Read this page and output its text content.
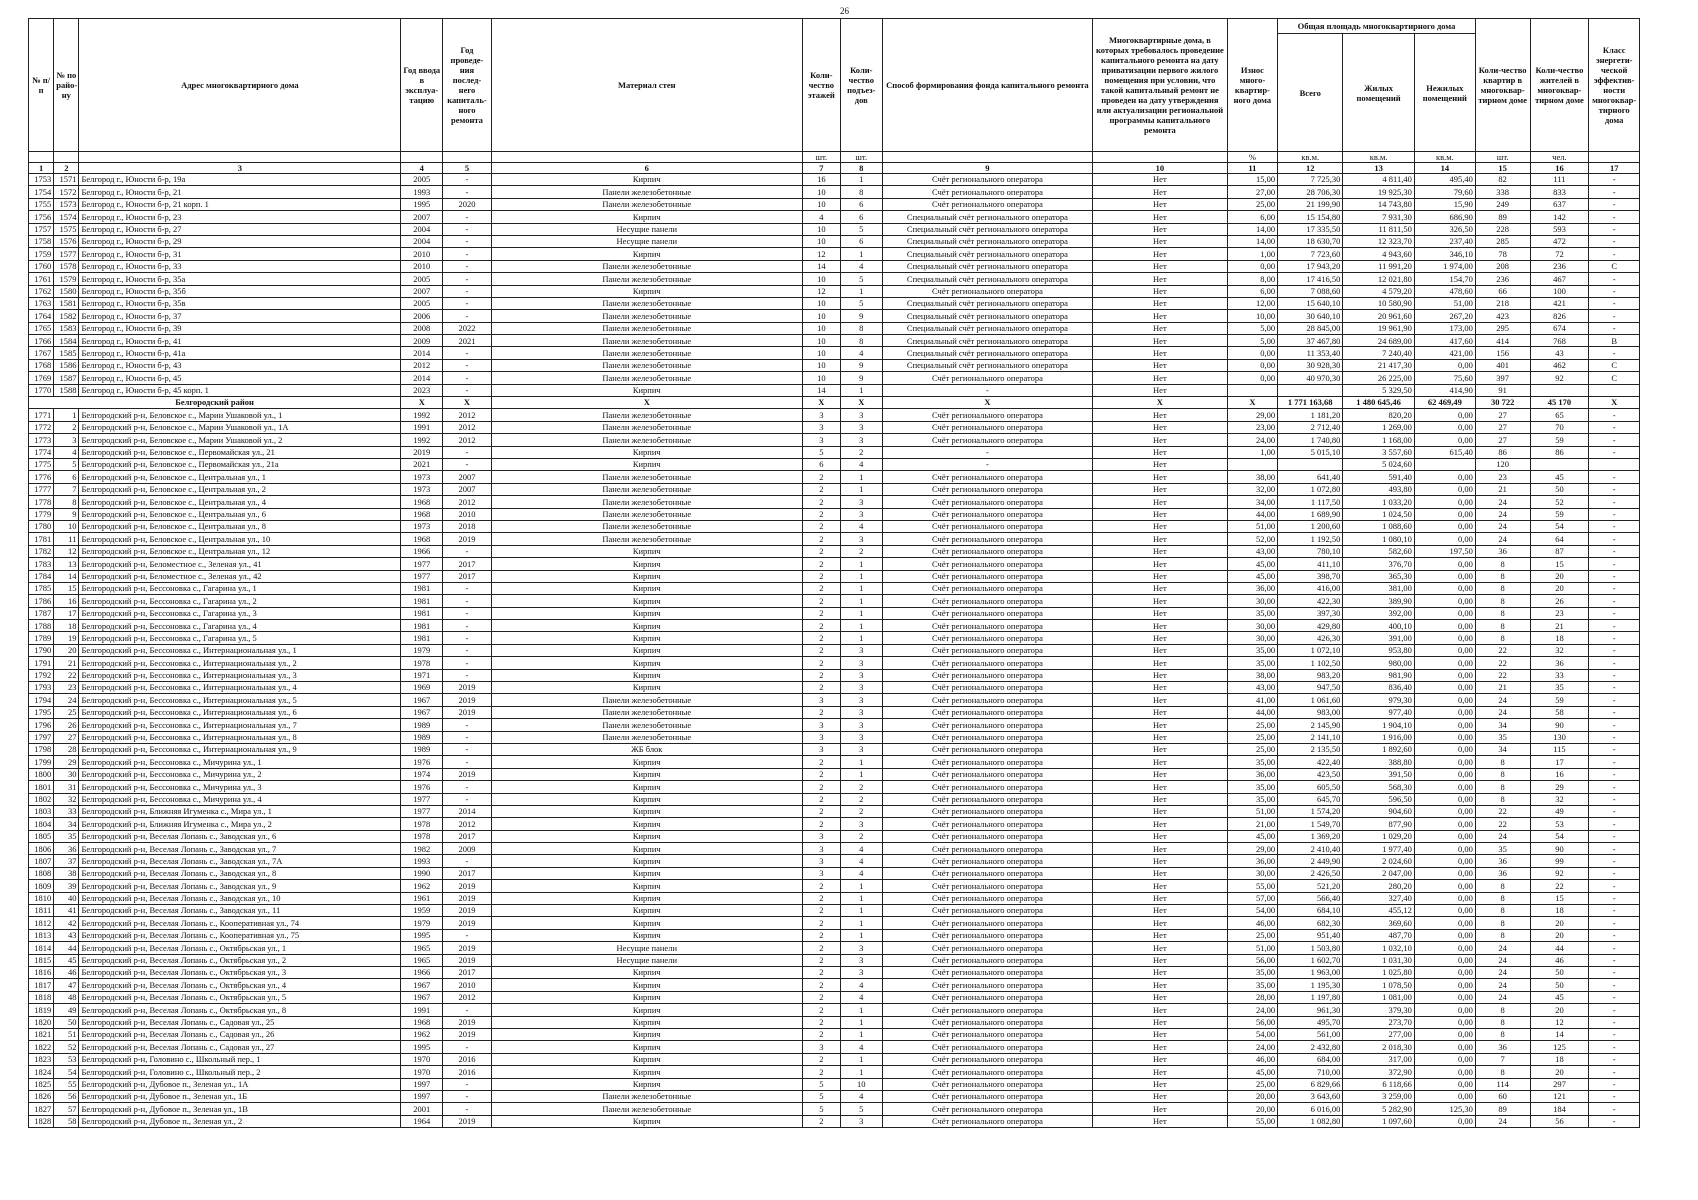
26
№ п/п	№ по райо-ну	Адрес многоквартирного дома	Год ввода в эксплуа-тацию	Год проведе-ния послед-него капиталь-ного ремонта	Материал стен	Коли-чество этажей	Коли-чество подъез-дов	Способ формирования фонда капитального ремонта	Многоквартирные дома, в которых требовалось проведение капитального ремонта на дату приватизации первого жилого помещения при условии, что такой капитальный ремонт не проведен на дату утверждения или актуализации региональной программы капитального ремонта	Износ много-квартир-ного дома	Общая площадь многоквартирного дома			Коли-чество квартир в многоквар-тирном доме	Коли-чество жителей в многоквар-тирном доме	Класс энергети-ческой эффектив-ности многоквар-тирного дома
											Всего	Жилых помещений	Нежилых помещений			
						шт.	шт.			%	кв.м.	кв.м.	кв.м.	шт.	чел.	
1	2	3	4	5	6	7	8	9	10	11	12	13	14	15	16	17
1753	1571	Белгород г., Юности б-р, 19а	2005	-	Кирпич	16	1	Счёт регионального оператора	Нет	15,00	7 725,30	4 811,40	495,40	82	111	-
1754	1572	Белгород г., Юности б-р, 21	1993	-	Панели железобетонные	10	8	Счёт регионального оператора	Нет	27,00	28 706,30	19 925,30	79,60	338	833	-
1755	1573	Белгород г., Юности б-р, 21 корп. 1	1995	2020	Панели железобетонные	10	6	Счёт регионального оператора	Нет	25,00	21 199,90	14 743,80	15,90	249	637	-
1756	1574	Белгород г., Юности б-р, 23	2007	-	Кирпич	4	6	Специальный счёт регионального оператора	Нет	6,00	15 154,80	7 931,30	686,90	89	142	-
1757	1575	Белгород г., Юности б-р, 27	2004	-	Несущие панели	10	5	Специальный счёт регионального оператора	Нет	14,00	17 335,50	11 811,50	326,50	228	593	-
1758	1576	Белгород г., Юности б-р, 29	2004	-	Несущие панели	10	6	Специальный счёт регионального оператора	Нет	14,00	18 630,70	12 323,70	237,40	285	472	-
1759	1577	Белгород г., Юности б-р, 31	2010	-	Кирпич	12	1	Специальный счёт регионального оператора	Нет	1,00	7 723,60	4 943,60	346,10	78	72	-
1760	1578	Белгород г., Юности б-р, 33	2010	-	Панели железобетонные	14	4	Специальный счёт регионального оператора	Нет	0,00	17 943,20	11 991,20	1 974,00	208	236	С
1761	1579	Белгород г., Юности б-р, 35а	2005	-	Панели железобетонные	10	5	Специальный счёт регионального оператора	Нет	8,00	17 416,50	12 021,80	154,70	236	467	-
1762	1580	Белгород г., Юности б-р, 35б	2007	-	Кирпич	12	1	Счёт регионального оператора	Нет	6,00	7 088,60	4 579,20	478,60	66	100	-
1763	1581	Белгород г., Юности б-р, 35в	2005	-	Панели железобетонные	10	5	Специальный счёт регионального оператора	Нет	12,00	15 640,10	10 580,90	51,00	218	421	-
1764	1582	Белгород г., Юности б-р, 37	2006	-	Панели железобетонные	10	9	Специальный счёт регионального оператора	Нет	10,00	30 640,10	20 961,60	267,20	423	826	-
1765	1583	Белгород г., Юности б-р, 39	2008	2022	Панели железобетонные	10	8	Специальный счёт регионального оператора	Нет	5,00	28 845,00	19 961,90	173,00	295	674	-
1766	1584	Белгород г., Юности б-р, 41	2009	2021	Панели железобетонные	10	8	Специальный счёт регионального оператора	Нет	5,00	37 467,80	24 689,00	417,60	414	768	В
1767	1585	Белгород г., Юности б-р, 41а	2014	-	Панели железобетонные	10	4	Специальный счёт регионального оператора	Нет	0,00	11 353,40	7 240,40	421,00	156	43	-
1768	1586	Белгород г., Юности б-р, 43	2012	-	Панели железобетонные	10	9	Специальный счёт регионального оператора	Нет	0,00	30 928,30	21 417,30	0,00	401	462	С
1769	1587	Белгород г., Юности б-р, 45	2014	-	Панели железобетонные	10	9	Счёт регионального оператора	Нет	0,00	40 970,30	26 225,00	75,60	397	92	С
1770	1588	Белгород г., Юности б-р, 45 корп. 1	2023	-	Кирпич	14	1	-	Нет			5 329,50	414,90	91		
Белгородский район			Х	Х	Х	Х	Х	Х	Х	Х	1 771 163,68	1 480 645,46	62 469,49	30 722	45 170	Х
1771	1	Белгородский р-н, Беловское с., Марии Ушаковой ул., 1	1992	2012	Панели железобетонные	3	3	Счёт регионального оператора	Нет	29,00	1 181,20	820,20	0,00	27	65	-
1772	2	Белгородский р-н, Беловское с., Марии Ушаковой ул., 1А	1991	2012	Панели железобетонные	3	3	Счёт регионального оператора	Нет	23,00	2 712,40	1 269,00	0,00	27	70	-
1773	3	Белгородский р-н, Беловское с., Марии Ушаковой ул., 2	1992	2012	Панели железобетонные	3	3	Счёт регионального оператора	Нет	24,00	1 740,80	1 168,00	0,00	27	59	-
1774	4	Белгородский р-н, Беловское с., Первомайская ул., 21	2019	-	Кирпич	5	2	-	Нет	1,00	5 015,10	3 557,60	615,40	86	86	-
1775	5	Белгородский р-н, Беловское с., Первомайская ул., 21а	2021	-	Кирпич	6	4	-	Нет			5 024,60		120		
1776	6	Белгородский р-н, Беловское с., Центральная ул., 1	1973	2007	Панели железобетонные	2	1	Счёт регионального оператора	Нет	38,00	641,40	591,40	0,00	23	45	-
1777	7	Белгородский р-н, Беловское с., Центральная ул., 2	1973	2007	Панели железобетонные	2	1	Счёт регионального оператора	Нет	32,00	1 072,80	493,80	0,00	21	50	-
1778	8	Белгородский р-н, Беловское с., Центральная ул., 4	1968	2012	Панели железобетонные	2	3	Счёт регионального оператора	Нет	34,00	1 117,50	1 033,20	0,00	24	52	-
1779	9	Белгородский р-н, Беловское с., Центральная ул., 6	1968	2010	Панели железобетонные	2	3	Счёт регионального оператора	Нет	44,00	1 689,90	1 024,50	0,00	24	59	-
1780	10	Белгородский р-н, Беловское с., Центральная ул., 8	1973	2018	Панели железобетонные	2	4	Счёт регионального оператора	Нет	51,00	1 200,60	1 088,60	0,00	24	54	-
1781	11	Белгородский р-н, Беловское с., Центральная ул., 10	1968	2019	Панели железобетонные	2	3	Счёт регионального оператора	Нет	52,00	1 192,50	1 080,10	0,00	24	64	-
1782	12	Белгородский р-н, Беловское с., Центральная ул., 12	1966	-	Кирпич	2	2	Счёт регионального оператора	Нет	43,00	780,10	582,60	197,50	36	87	-
1783	13	Белгородский р-н, Беломестное с., Зеленая ул., 41	1977	2017	Кирпич	2	1	Счёт регионального оператора	Нет	45,00	411,10	376,70	0,00	8	15	-
1784	14	Белгородский р-н, Беломестное с., Зеленая ул., 42	1977	2017	Кирпич	2	1	Счёт регионального оператора	Нет	45,00	398,70	365,30	0,00	8	20	-
1785	15	Белгородский р-н, Бессоновка с., Гагарина ул., 1	1981	-	Кирпич	2	1	Счёт регионального оператора	Нет	36,00	416,00	381,00	0,00	8	20	-
1786	16	Белгородский р-н, Бессоновка с., Гагарина ул., 2	1981	-	Кирпич	2	1	Счёт регионального оператора	Нет	30,00	422,30	389,90	0,00	8	26	-
1787	17	Белгородский р-н, Бессоновка с., Гагарина ул., 3	1981	-	Кирпич	2	1	Счёт регионального оператора	Нет	35,00	397,30	392,00	0,00	8	23	-
1788	18	Белгородский р-н, Бессоновка с., Гагарина ул., 4	1981	-	Кирпич	2	1	Счёт регионального оператора	Нет	30,00	429,80	400,10	0,00	8	21	-
1789	19	Белгородский р-н, Бессоновка с., Гагарина ул., 5	1981	-	Кирпич	2	1	Счёт регионального оператора	Нет	30,00	426,30	391,00	0,00	8	18	-
1790	20	Белгородский р-н, Бессоновка с., Интернациональная ул., 1	1979	-	Кирпич	2	3	Счёт регионального оператора	Нет	35,00	1 072,10	953,80	0,00	22	32	-
1791	21	Белгородский р-н, Бессоновка с., Интернациональная ул., 2	1978	-	Кирпич	2	3	Счёт регионального оператора	Нет	35,00	1 102,50	980,00	0,00	22	36	-
1792	22	Белгородский р-н, Бессоновка с., Интернациональная ул., 3	1971	-	Кирпич	2	3	Счёт регионального оператора	Нет	38,00	983,20	981,90	0,00	22	33	-
1793	23	Белгородский р-н, Бессоновка с., Интернациональная ул., 4	1969	2019	Кирпич	2	3	Счёт регионального оператора	Нет	43,00	947,50	836,40	0,00	21	35	-
1794	24	Белгородский р-н, Бессоновка с., Интернациональная ул., 5	1967	2019	Панели железобетонные	3	3	Счёт регионального оператора	Нет	41,00	1 061,60	979,30	0,00	24	59	-
1795	25	Белгородский р-н, Бессоновка с., Интернациональная ул., 6	1967	2019	Панели железобетонные	2	3	Счёт регионального оператора	Нет	44,00	983,00	977,40	0,00	24	58	-
1796	26	Белгородский р-н, Бессоновка с., Интернациональная ул., 7	1989	-	Панели железобетонные	3	3	Счёт регионального оператора	Нет	25,00	2 145,90	1 904,10	0,00	34	90	-
1797	27	Белгородский р-н, Бессоновка с., Интернациональная ул., 8	1989	-	Панели железобетонные	3	3	Счёт регионального оператора	Нет	25,00	2 141,10	1 916,00	0,00	35	130	-
1798	28	Белгородский р-н, Бессоновка с., Интернациональная ул., 9	1989	-	ЖБ блок	3	3	Счёт регионального оператора	Нет	25,00	2 135,50	1 892,60	0,00	34	115	-
1799	29	Белгородский р-н, Бессоновка с., Мичурина ул., 1	1976	-	Кирпич	2	1	Счёт регионального оператора	Нет	35,00	422,40	388,80	0,00	8	17	-
1800	30	Белгородский р-н, Бессоновка с., Мичурина ул., 2	1974	2019	Кирпич	2	1	Счёт регионального оператора	Нет	36,00	423,50	391,50	0,00	8	16	-
1801	31	Белгородский р-н, Бессоновка с., Мичурина ул., 3	1976	-	Кирпич	2	2	Счёт регионального оператора	Нет	35,00	605,50	568,30	0,00	8	29	-
1802	32	Белгородский р-н, Бессоновка с., Мичурина ул., 4	1977	-	Кирпич	2	2	Счёт регионального оператора	Нет	35,00	645,70	596,50	0,00	8	32	-
1803	33	Белгородский р-н, Ближняя Игуменка с., Мира ул., 1	1977	2014	Кирпич	2	2	Счёт регионального оператора	Нет	51,00	1 574,20	904,60	0,00	22	49	-
1804	34	Белгородский р-н, Ближняя Игуменка с., Мира ул., 2	1978	2012	Кирпич	2	3	Счёт регионального оператора	Нет	21,00	1 549,70	877,90	0,00	22	53	-
1805	35	Белгородский р-н, Веселая Лопань с., Заводская ул., 6	1978	2017	Кирпич	3	2	Счёт регионального оператора	Нет	45,00	1 369,20	1 029,20	0,00	24	54	-
1806	36	Белгородский р-н, Веселая Лопань с., Заводская ул., 7	1982	2009	Кирпич	3	4	Счёт регионального оператора	Нет	29,00	2 410,40	1 977,40	0,00	35	90	-
1807	37	Белгородский р-н, Веселая Лопань с., Заводская ул., 7А	1993	-	Кирпич	3	4	Счёт регионального оператора	Нет	36,00	2 449,90	2 024,60	0,00	36	99	-
1808	38	Белгородский р-н, Веселая Лопань с., Заводская ул., 8	1990	2017	Кирпич	3	4	Счёт регионального оператора	Нет	30,00	2 426,50	2 047,00	0,00	36	92	-
1809	39	Белгородский р-н, Веселая Лопань с., Заводская ул., 9	1962	2019	Кирпич	2	1	Счёт регионального оператора	Нет	55,00	521,20	280,20	0,00	8	22	-
1810	40	Белгородский р-н, Веселая Лопань с., Заводская ул., 10	1961	2019	Кирпич	2	1	Счёт регионального оператора	Нет	57,00	566,40	327,40	0,00	8	15	-
1811	41	Белгородский р-н, Веселая Лопань с., Заводская ул., 11	1959	2019	Кирпич	2	1	Счёт регионального оператора	Нет	54,00	684,10	455,12	0,00	8	18	-
1812	42	Белгородский р-н, Веселая Лопань с., Кооперативная ул., 74	1979	2019	Кирпич	2	1	Счёт регионального оператора	Нет	46,00	682,30	369,60	0,00	8	20	-
1813	43	Белгородский р-н, Веселая Лопань с., Кооперативная ул., 75	1995	-	Кирпич	2	1	Счёт регионального оператора	Нет	25,00	951,40	487,70	0,00	8	20	-
1814	44	Белгородский р-н, Веселая Лопань с., Октябрьская ул., 1	1965	2019	Несущие панели	2	3	Счёт регионального оператора	Нет	51,00	1 503,80	1 032,10	0,00	24	44	-
1815	45	Белгородский р-н, Веселая Лопань с., Октябрьская ул., 2	1965	2019	Несущие панели	2	3	Счёт регионального оператора	Нет	56,00	1 602,70	1 031,30	0,00	24	46	-
1816	46	Белгородский р-н, Веселая Лопань с., Октябрьская ул., 3	1966	2017	Кирпич	2	3	Счёт регионального оператора	Нет	35,00	1 963,00	1 025,80	0,00	24	50	-
1817	47	Белгородский р-н, Веселая Лопань с., Октябрьская ул., 4	1967	2010	Кирпич	2	4	Счёт регионального оператора	Нет	35,00	1 195,30	1 078,50	0,00	24	50	-
1818	48	Белгородский р-н, Веселая Лопань с., Октябрьская ул., 5	1967	2012	Кирпич	2	4	Счёт регионального оператора	Нет	28,00	1 197,80	1 081,00	0,00	24	45	-
1819	49	Белгородский р-н, Веселая Лопань с., Октябрьская ул., 8	1991	-	Кирпич	2	1	Счёт регионального оператора	Нет	24,00	961,30	379,30	0,00	8	20	-
1820	50	Белгородский р-н, Веселая Лопань с., Садовая ул., 25	1968	2019	Кирпич	2	1	Счёт регионального оператора	Нет	56,00	495,70	273,70	0,00	8	12	-
1821	51	Белгородский р-н, Веселая Лопань с., Садовая ул., 26	1962	2019	Кирпич	2	1	Счёт регионального оператора	Нет	54,00	561,00	277,00	0,00	8	14	-
1822	52	Белгородский р-н, Веселая Лопань с., Садовая ул., 27	1995	-	Кирпич	3	4	Счёт регионального оператора	Нет	24,00	2 432,80	2 018,30	0,00	36	125	-
1823	53	Белгородский р-н, Головино с., Школьный пер., 1	1970	2016	Кирпич	2	1	Счёт регионального оператора	Нет	46,00	684,00	317,00	0,00	7	18	-
1824	54	Белгородский р-н, Головино с., Школьный пер., 2	1970	2016	Кирпич	2	1	Счёт регионального оператора	Нет	45,00	710,00	372,90	0,00	8	20	-
1825	55	Белгородский р-н, Дубовое п., Зеленая ул., 1А	1997	-	Кирпич	5	10	Счёт регионального оператора	Нет	25,00	6 829,66	6 118,66	0,00	114	297	-
1826	56	Белгородский р-н, Дубовое п., Зеленая ул., 1Б	1997	-	Панели железобетонные	5	4	Счёт регионального оператора	Нет	20,00	3 643,60	3 259,00	0,00	60	121	-
1827	57	Белгородский р-н, Дубовое п., Зеленая ул., 1В	2001	-	Панели железобетонные	5	5	Счёт регионального оператора	Нет	20,00	6 016,00	5 282,90	125,30	89	184	-
1828	58	Белгородский р-н, Дубовое п., Зеленая ул., 2	1964	2019	Кирпич	2	3	Счёт регионального оператора	Нет	55,00	1 082,80	1 097,60	0,00	24	56	-
